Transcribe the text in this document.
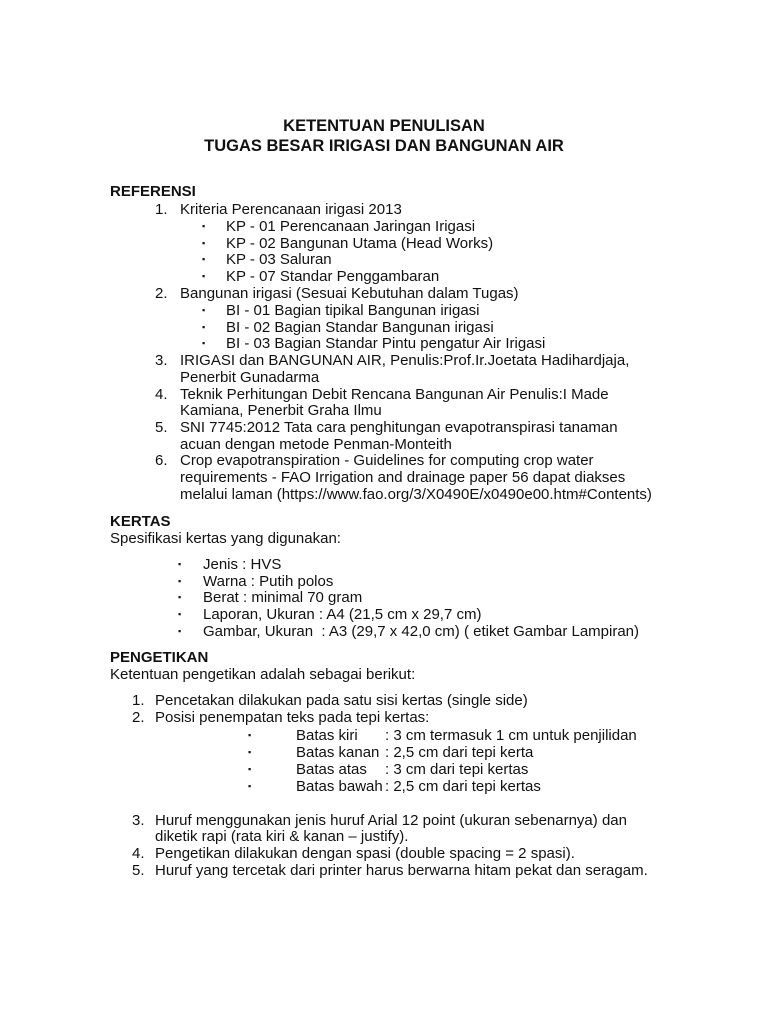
KETENTUAN PENULISAN
TUGAS BESAR IRIGASI DAN BANGUNAN AIR
REFERENSI
1. Kriteria Perencanaan irigasi 2013
▪ KP - 01 Perencanaan Jaringan Irigasi
▪ KP - 02 Bangunan Utama (Head Works)
▪ KP - 03 Saluran
▪ KP - 07 Standar Penggambaran
2. Bangunan irigasi (Sesuai Kebutuhan dalam Tugas)
▪ BI - 01 Bagian tipikal Bangunan irigasi
▪ BI - 02 Bagian Standar Bangunan irigasi
▪ BI - 03 Bagian Standar Pintu pengatur Air Irigasi
3. IRIGASI dan BANGUNAN AIR, Penulis:Prof.Ir.Joetata Hadihardjaja,
Penerbit Gunadarma
4. Teknik Perhitungan Debit Rencana Bangunan Air Penulis:I Made
Kamiana, Penerbit Graha Ilmu
5. SNI 7745:2012 Tata cara penghitungan evapotranspirasi tanaman
acuan dengan metode Penman-Monteith
6. Crop evapotranspiration - Guidelines for computing crop water
requirements - FAO Irrigation and drainage paper 56 dapat diakses
melalui laman (https://www.fao.org/3/X0490E/x0490e00.htm#Contents)
KERTAS
Spesifikasi kertas yang digunakan:
▪ Jenis : HVS
▪ Warna : Putih polos
▪ Berat : minimal 70 gram
▪ Laporan, Ukuran : A4 (21,5 cm x 29,7 cm)
▪ Gambar, Ukuran  : A3 (29,7 x 42,0 cm) ( etiket Gambar Lampiran)
PENGETIKAN
Ketentuan pengetikan adalah sebagai berikut:
1. Pencetakan dilakukan pada satu sisi kertas (single side)
2. Posisi penempatan teks pada tepi kertas:
▪	Batas kiri : 3 cm termasuk 1 cm untuk penjilidan
▪	Batas kanan : 2,5 cm dari tepi kerta
▪	Batas atas : 3 cm dari tepi kertas
▪	Batas bawah : 2,5 cm dari tepi kertas
3. Huruf menggunakan jenis huruf Arial 12 point (ukuran sebenarnya) dan
diketik rapi (rata kiri & kanan – justify).
4. Pengetikan dilakukan dengan spasi (double spacing = 2 spasi).
5. Huruf yang tercetak dari printer harus berwarna hitam pekat dan seragam.
